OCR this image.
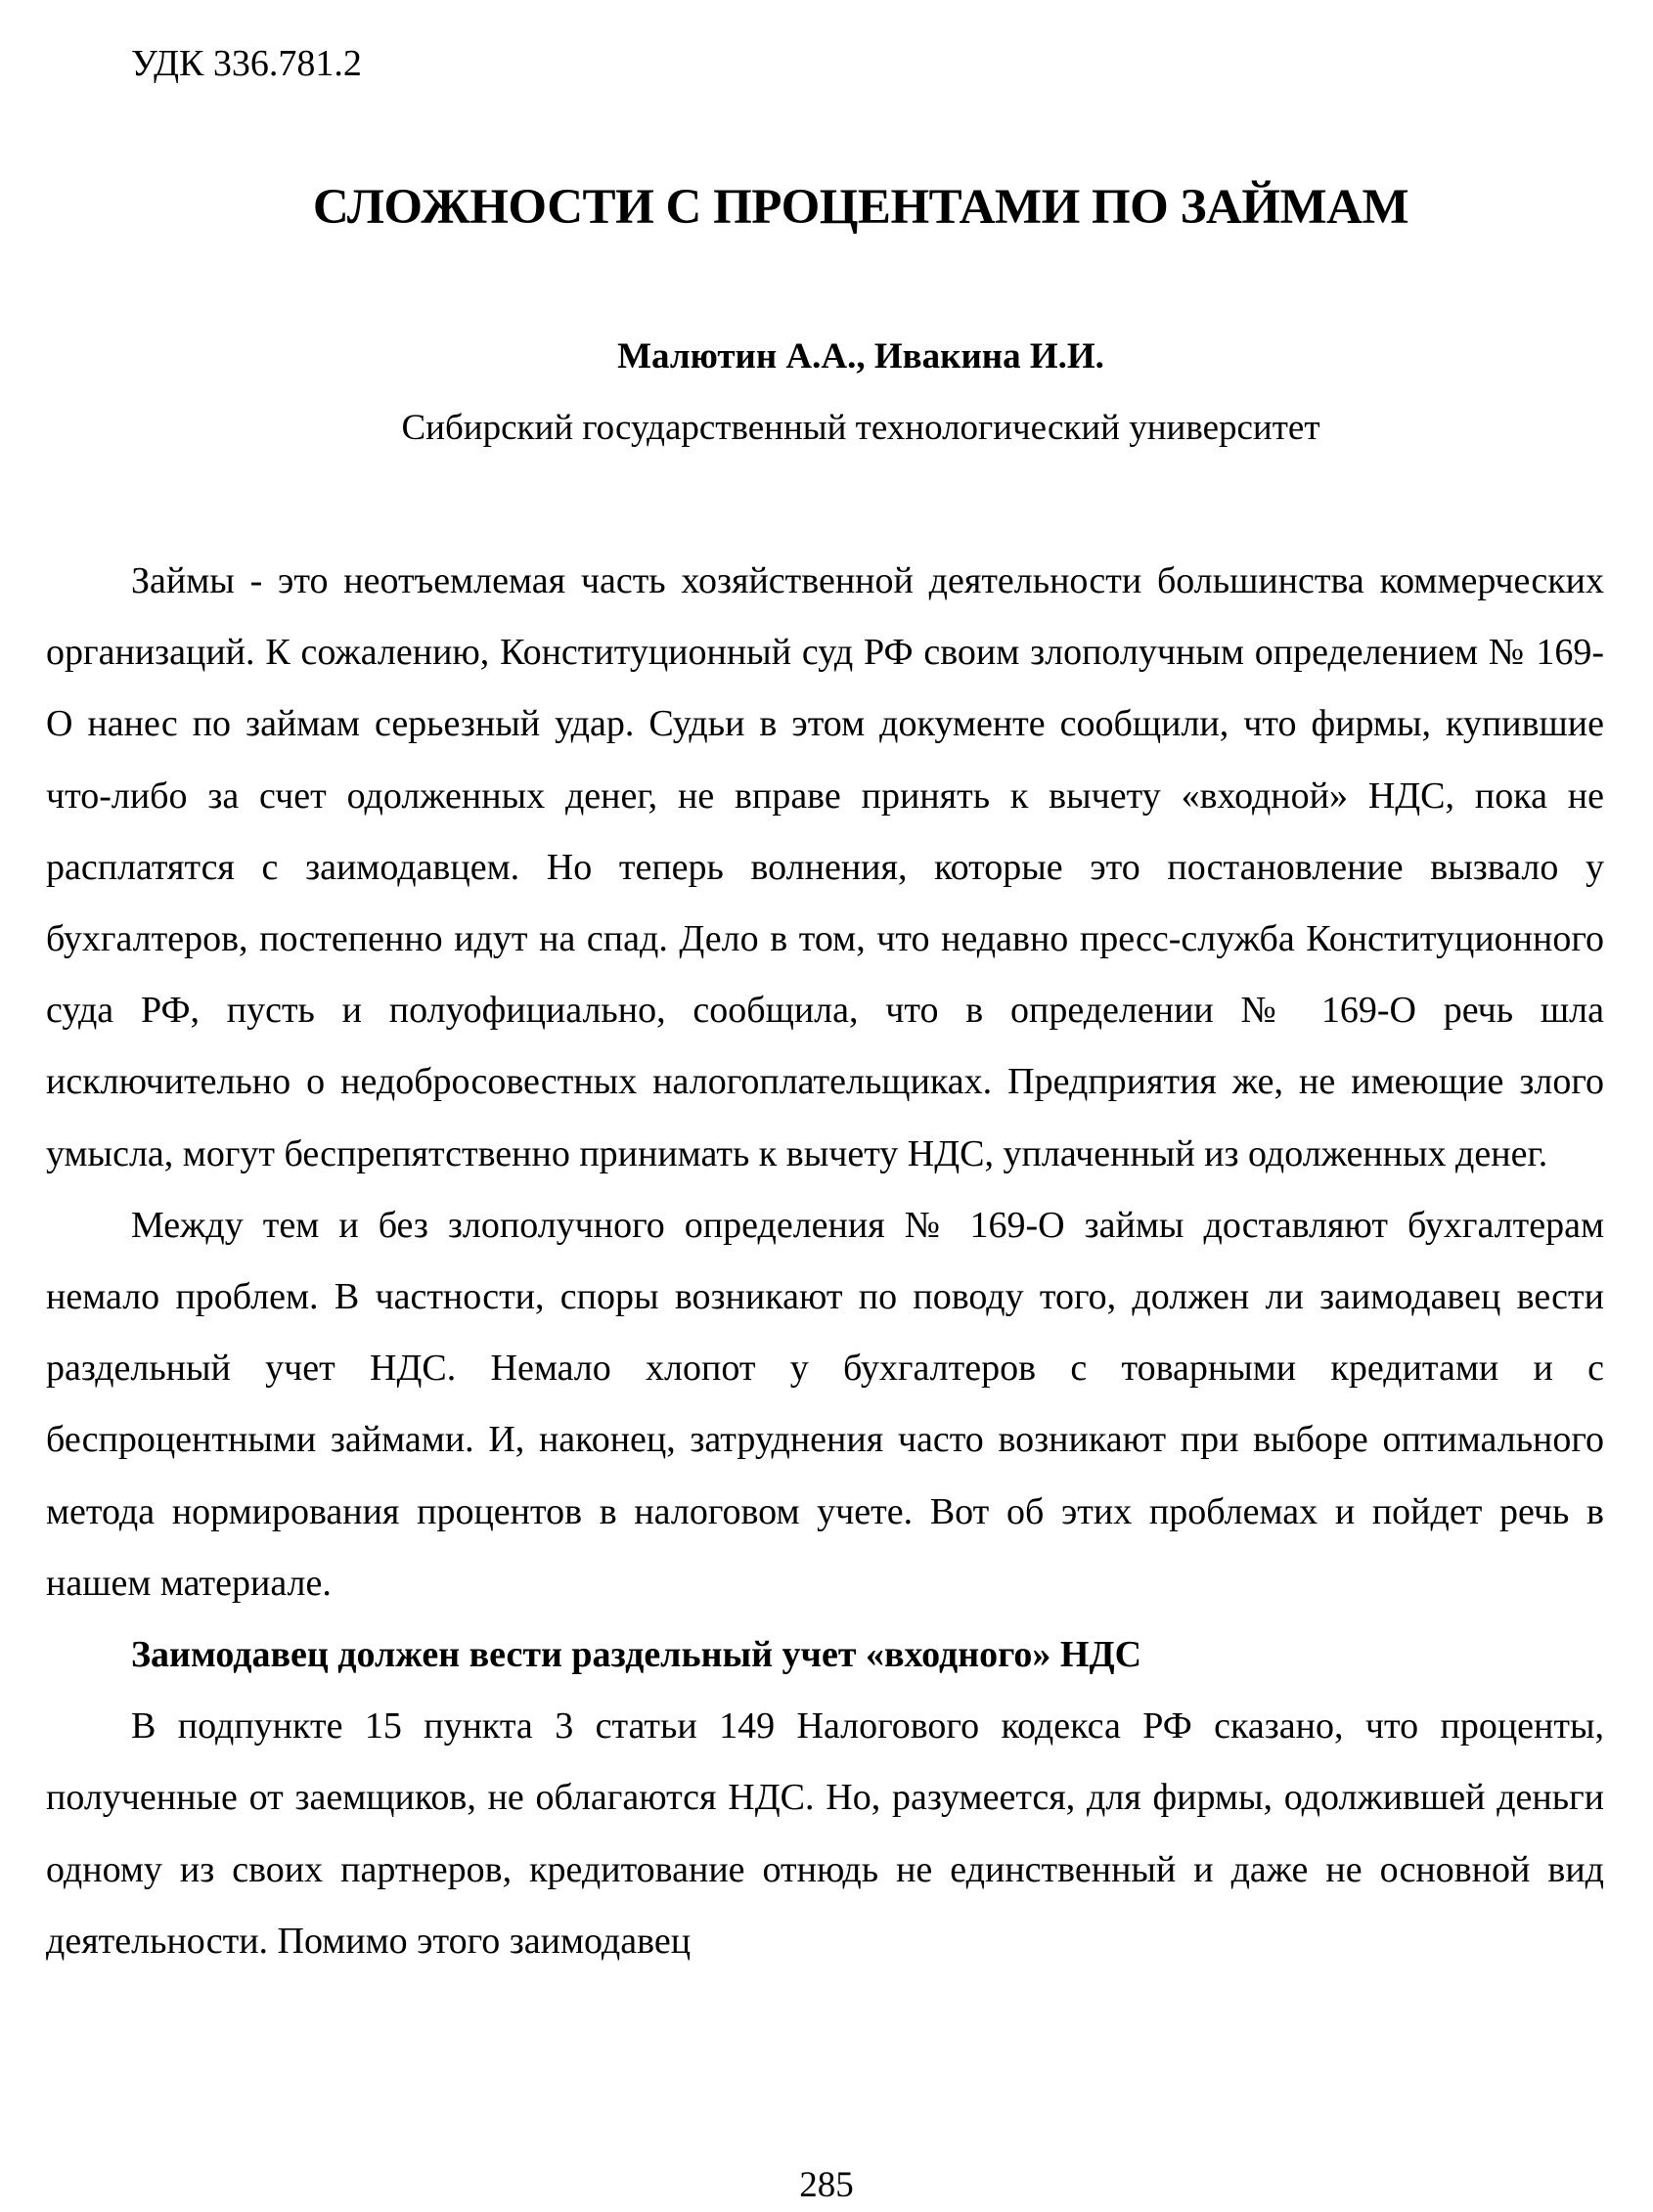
УДК 336.781.2
СЛОЖНОСТИ С ПРОЦЕНТАМИ ПО ЗАЙМАМ
Малютин А.А., Ивакина И.И.
Сибирский государственный технологический университет

Займы - это неотъемлемая часть хозяйственной деятельности большинства коммерческих организаций. К сожалению, Конституционный суд РФ своим злополучным определением № 169-О нанес по займам серьезный удар. Судьи в этом документе сообщили, что фирмы, купившие что-либо за счет одолженных денег, не вправе принять к вычету «входной» НДС, пока не расплатятся с заимодавцем. Но теперь волнения, которые это постановление вызвало у бухгалтеров, постепенно идут на спад. Дело в том, что недавно пресс-служба Конституционного суда РФ, пусть и полуофициально, сообщила, что в определении № 169-О речь шла исключительно о недобросовестных налогоплательщиках. Предприятия же, не имеющие злого умысла, могут беспрепятственно принимать к вычету НДС, уплаченный из одолженных денег.

Между тем и без злополучного определения № 169-О займы доставляют бухгалтерам немало проблем. В частности, споры возникают по поводу того, должен ли заимодавец вести раздельный учет НДС. Немало хлопот у бухгалтеров с товарными кредитами и с беспроцентными займами. И, наконец, затруднения часто возникают при выборе оптимального метода нормирования процентов в налоговом учете. Вот об этих проблемах и пойдет речь в нашем материале.

Заимодавец должен вести раздельный учет «входного» НДС

В подпункте 15 пункта 3 статьи 149 Налогового кодекса РФ сказано, что проценты, полученные от заемщиков, не облагаются НДС. Но, разумеется, для фирмы, одолжившей деньги одному из своих партнеров, кредитование отнюдь не единственный и даже не основной вид деятельности. Помимо этого заимодавец

285
